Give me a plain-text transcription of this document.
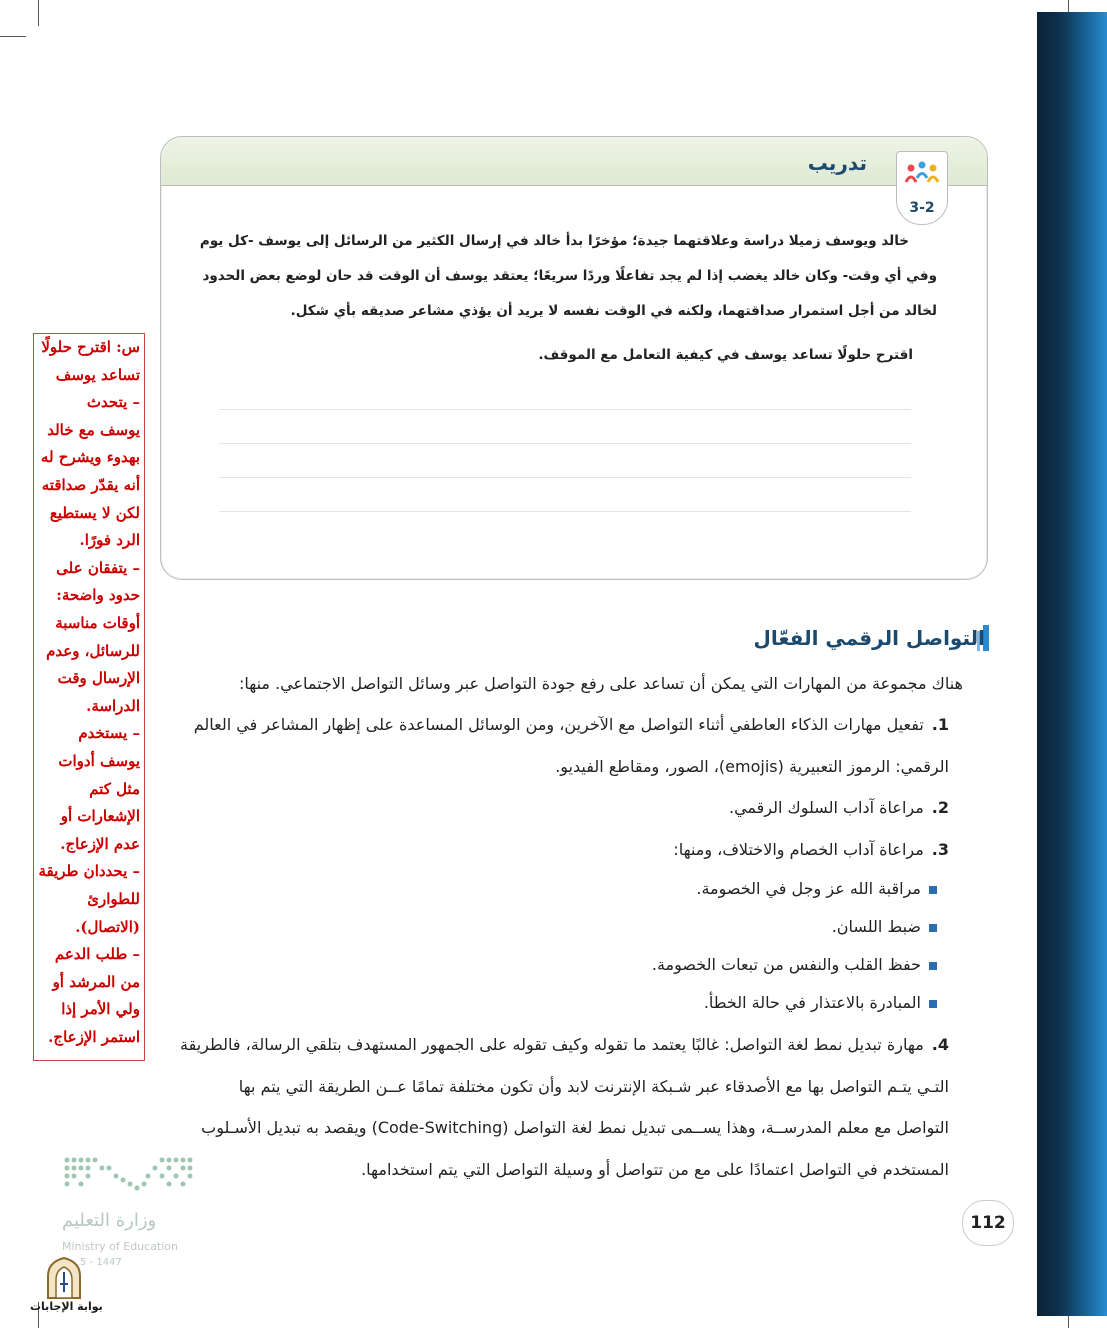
تدريب
3-2
خالد ويوسف زميلا دراسة وعلاقتهما جيدة؛ مؤخرًا بدأ خالد في إرسال الكثير من الرسائل إلى يوسف -كل يوم
وفي أي وقت- وكان خالد يغضب إذا لم يجد تفاعلًا وردًا سريعًا؛ يعتقد يوسف أن الوقت قد حان لوضع بعض الحدود
لخالد من أجل استمرار صداقتهما، ولكنه في الوقت نفسه لا يريد أن يؤذي مشاعر صديقه بأي شكل.
اقترح حلولًا تساعد يوسف في كيفية التعامل مع الموقف.
التواصل الرقمي الفعّال
هناك مجموعة من المهارات التي يمكن أن تساعد على رفع جودة التواصل عبر وسائل التواصل الاجتماعي. منها:
1.تفعيل مهارات الذكاء العاطفي أثناء التواصل مع الآخرين، ومن الوسائل المساعدة على إظهار المشاعر في العالم
الرقمي: الرموز التعبيرية (emojis)، الصور، ومقاطع الفيديو.
2.مراعاة آداب السلوك الرقمي.
3.مراعاة آداب الخصام والاختلاف، ومنها:
مراقبة الله عز وجل في الخصومة.
ضبط اللسان.
حفظ القلب والنفس من تبعات الخصومة.
المبادرة بالاعتذار في حالة الخطأ.
4.مهارة تبديل نمط لغة التواصل: غالبًا يعتمد ما تقوله وكيف تقوله على الجمهور المستهدف بتلقي الرسالة، فالطريقة
التـي يتـم التواصل بها مع الأصدقاء عبر شـبكة الإنترنت لابد وأن تكون مختلفة تمامًا عــن الطريقة التي يتم بها
التواصل مع معلم المدرســة، وهذا يســمى تبديل نمط لغة التواصل (Code-Switching) ويقصد به تبديل الأسـلوب
المستخدم في التواصل اعتمادًا على مع من تتواصل أو وسيلة التواصل التي يتم استخدامها.
س: اقترح حلولًا
تساعد يوسف
– يتحدث
يوسف مع خالد
بهدوء ويشرح له
أنه يقدّر صداقته
لكن لا يستطيع
الرد فورًا.
– يتفقان على
حدود واضحة:
أوقات مناسبة
للرسائل، وعدم
الإرسال وقت
الدراسة.
– يستخدم
يوسف أدوات
مثل كتم
الإشعارات أو
عدم الإزعاج.
– يحددان طريقة
للطوارئ
(الاتصال).
– طلب الدعم
من المرشد أو
ولي الأمر إذا
استمر الإزعاج.
112
وزارة التعليم
Ministry of Education
5 - 1447
بوابة الإجابات
